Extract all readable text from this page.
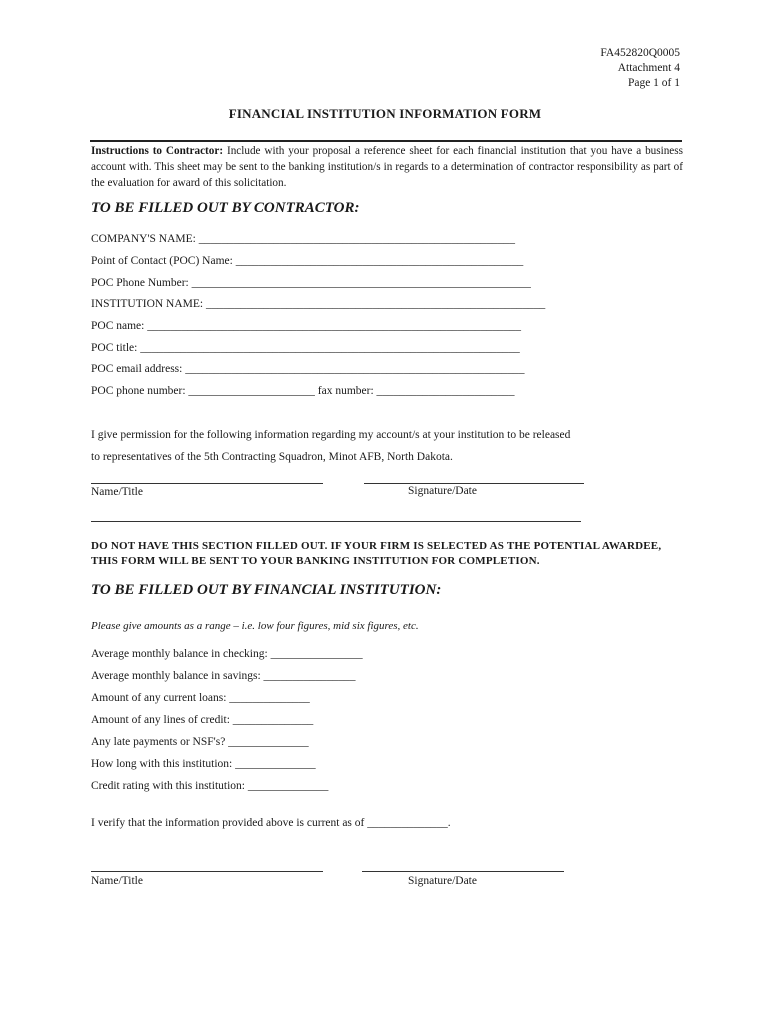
FA452820Q0005
Attachment 4
Page 1 of 1
FINANCIAL INSTITUTION INFORMATION FORM
Instructions to Contractor: Include with your proposal a reference sheet for each financial institution that you have a business account with. This sheet may be sent to the banking institution/s in regards to a determination of contractor responsibility as part of the evaluation for award of this solicitation.
TO BE FILLED OUT BY CONTRACTOR:
COMPANY'S NAME: _______________________________________________________
Point of Contact (POC) Name: __________________________________________________
POC Phone Number: ___________________________________________________________
INSTITUTION NAME: ___________________________________________________________
POC name: _________________________________________________________________
POC title: __________________________________________________________________
POC email address: ___________________________________________________________
POC phone number: ______________________ fax number: ________________________
I give permission for the following information regarding my account/s at your institution to be released
to representatives of the 5th Contracting Squadron, Minot AFB, North Dakota.
Name/Title	Signature/Date
DO NOT HAVE THIS SECTION FILLED OUT. IF YOUR FIRM IS SELECTED AS THE POTENTIAL AWARDEE, THIS FORM WILL BE SENT TO YOUR BANKING INSTITUTION FOR COMPLETION.
TO BE FILLED OUT BY FINANCIAL INSTITUTION:
Please give amounts as a range – i.e. low four figures, mid six figures, etc.
Average monthly balance in checking: ________________
Average monthly balance in savings: ________________
Amount of any current loans: ______________
Amount of any lines of credit: ______________
Any late payments or NSF's? ______________
How long with this institution: ______________
Credit rating with this institution: ______________
I verify that the information provided above is current as of ______________.
Name/Title	Signature/Date
